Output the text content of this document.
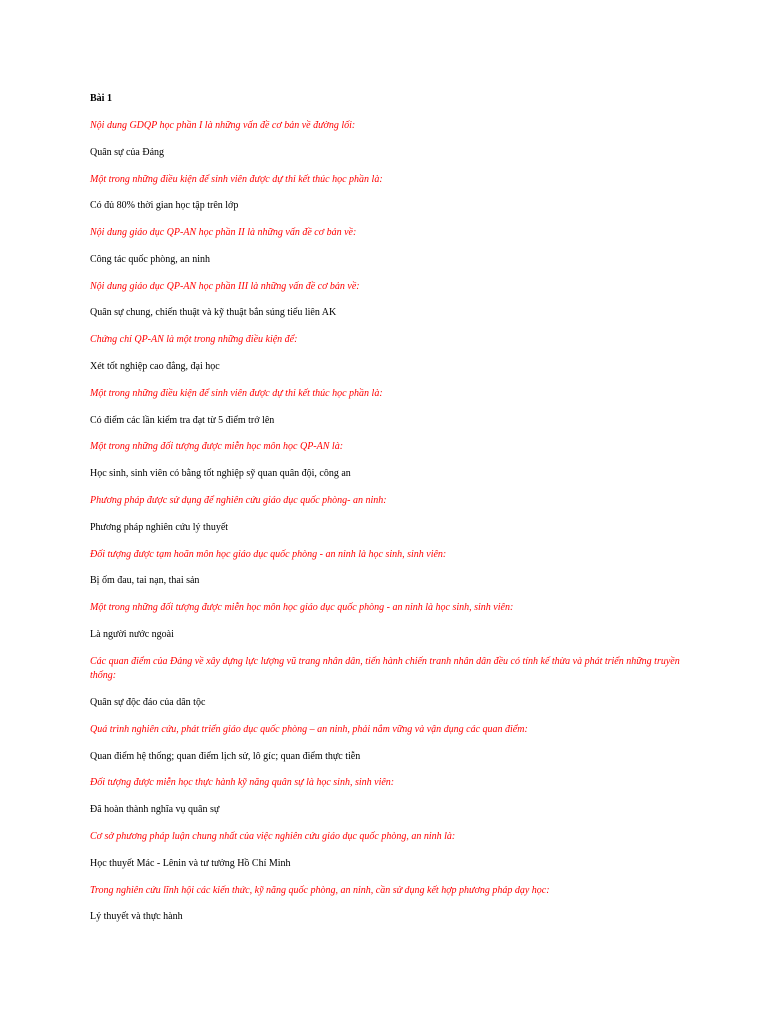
Bài 1
Nội dung GDQP học phần I là những vấn đề cơ bản về đường lối:
Quân sự của Đảng
Một trong những điều kiện để sinh viên được dự thi kết thúc học phần là:
Có đủ 80% thời gian học tập trên lớp
Nội dung giáo dục QP-AN học phần II là những vấn đề cơ bản về:
Công tác quốc phòng, an ninh
Nội dung giáo dục QP-AN học phần III là những vấn đề cơ bản về:
Quân sự chung, chiến thuật và kỹ thuật bắn súng tiểu liên AK
Chứng chỉ QP-AN là một trong những điều kiện để:
Xét tốt nghiệp cao đẳng, đại học
Một trong những điều kiện để sinh viên được dự thi kết thúc học phần là:
Có điểm các lần kiểm tra đạt từ 5 điểm trở lên
Một trong những đối tượng được miễn học môn học QP-AN là:
Học sinh, sinh viên có bằng tốt nghiệp sỹ quan quân đội, công an
Phương pháp được sử dụng để nghiên cứu giáo dục quốc phòng- an ninh:
Phương pháp nghiên cứu lý thuyết
Đối tượng được tạm hoãn môn học giáo dục quốc phòng - an ninh là học sinh, sinh viên:
Bị ốm đau, tai nạn, thai sản
Một trong những đối tượng được miễn học môn học giáo dục quốc phòng - an ninh là học sinh, sinh viên:
Là người nước ngoài
Các quan điểm của Đảng về xây dựng lực lượng vũ trang nhân dân, tiến hành chiến tranh nhân dân đều có tính kế thừa và phát triển những truyền thống:
Quân sự độc đáo của dân tộc
Quá trình nghiên cứu, phát triển giáo dục quốc phòng – an ninh, phải nắm vững và vận dụng các quan điểm:
Quan điểm hệ thống; quan điểm lịch sử, lô gíc; quan điểm thực tiễn
Đối tượng được miễn học thực hành kỹ năng quân sự là học sinh, sinh viên:
Đã hoàn thành nghĩa vụ quân sự
Cơ sở phương pháp luận chung nhất của việc nghiên cứu giáo dục quốc phòng, an ninh là:
Học thuyết Mác - Lênin và tư tưởng Hồ Chí Minh
Trong nghiên cứu lĩnh hội các kiến thức, kỹ năng quốc phòng, an ninh, cần sử dụng kết hợp phương pháp dạy học:
Lý thuyết và thực hành
